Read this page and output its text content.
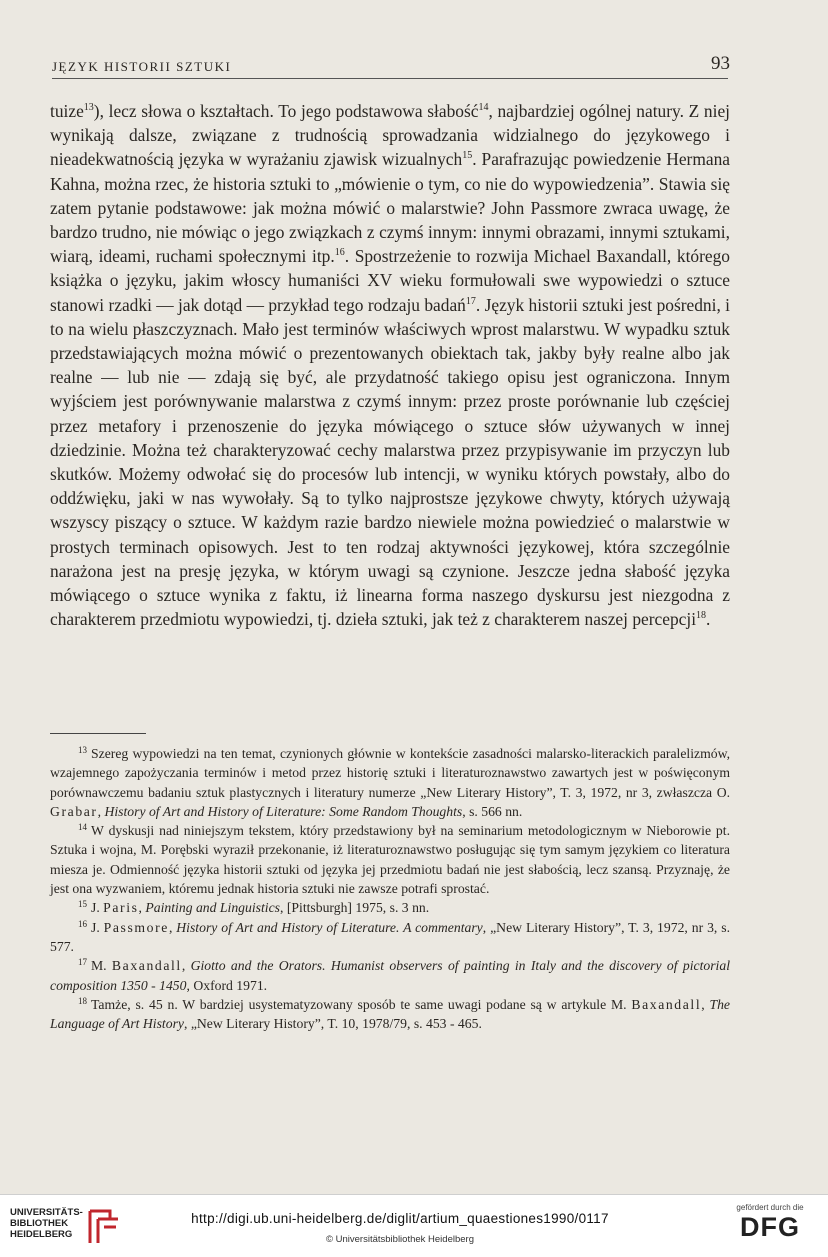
JĘZYK HISTORII SZTUKI	93

tuize$^{13}$), lecz słowa o kształtach. To jego podstawowa słabość$^{14}$, najbardziej ogólnej natury. Z niej wynikają dalsze, związane z trudnością sprowadzania widzialnego do językowego i nieadekwatnością języka w wyrażaniu zjawisk wizualnych$^{15}$. Parafrazując powiedzenie Hermana Kahna, można rzec, że historia sztuki to „mówienie o tym, co nie do wypowiedzenia”. Stawia się zatem pytanie podstawowe: jak można mówić o malarstwie? John Passmore zwraca uwagę, że bardzo trudno, nie mówiąc o jego związkach z czymś innym: innymi obrazami, innymi sztukami, wiarą, ideami, ruchami społecznymi itp.$^{16}$. Spostrzeżenie to rozwija Michael Baxandall, którego książka o języku, jakim włoscy humaniści XV wieku formułowali swe wypowiedzi o sztuce stanowi rzadki — jak dotąd — przykład tego rodzaju badań$^{17}$. Język historii sztuki jest pośredni, i to na wielu płaszczyznach. Mało jest terminów właściwych wprost malarstwu. W wypadku sztuk przedstawiających można mówić o prezentowanych obiektach tak, jakby były realne albo jak realne — lub nie — zdają się być, ale przydatność takiego opisu jest ograniczona. Innym wyjściem jest porównywanie malarstwa z czymś innym: przez proste porównanie lub częściej przez metafory i przenoszenie do języka mówiącego o sztuce słów używanych w innej dziedzinie. Można też charakteryzować cechy malarstwa przez przypisywanie im przyczyn lub skutków. Możemy odwołać się do procesów lub intencji, w wyniku których powstały, albo do oddźwięku, jaki w nas wywołały. Są to tylko najprostsze językowe chwyty, których używają wszyscy piszący o sztuce. W każdym razie bardzo niewiele można powiedzieć o malarstwie w prostych terminach opisowych. Jest to ten rodzaj aktywności językowej, która szczególnie narażona jest na presję języka, w którym uwagi są czynione. Jeszcze jedna słabość języka mówiącego o sztuce wynika z faktu, iż linearna forma naszego dyskursu jest niezgodna z charakterem przedmiotu wypowiedzi, tj. dzieła sztuki, jak też z charakterem naszej percepcji$^{18}$.

$^{13}$ Szereg wypowiedzi na ten temat, czynionych głównie w kontekście zasadności malarsko-literackich paralelizmów, wzajemnego zapożyczania terminów i metod przez historię sztuki i literaturoznawstwo zawartych jest w poświęconym porównawczemu badaniu sztuk plastycznych i literatury numerze „New Literary History”, T. 3, 1972, nr 3, zwłaszcza O. Grabar, History of Art and History of Literature: Some Random Thoughts, s. 566 nn.

$^{14}$ W dyskusji nad niniejszym tekstem, który przedstawiony był na seminarium metodologicznym w Nieborowie pt. Sztuka i wojna, M. Porębski wyraził przekonanie, iż literaturoznawstwo posługując się tym samym językiem co literatura miesza je. Odmienność języka historii sztuki od języka jej przedmiotu badań nie jest słabością, lecz szansą. Przyznaję, że jest ona wyzwaniem, któremu jednak historia sztuki nie zawsze potrafi sprostać.

$^{15}$ J. Paris, Painting and Linguistics, [Pittsburgh] 1975, s. 3 nn.

$^{16}$ J. Passmore, History of Art and History of Literature. A commentary, „New Literary History”, T. 3, 1972, nr 3, s. 577.

$^{17}$ M. Baxandall, Giotto and the Orators. Humanist observers of painting in Italy and the discovery of pictorial composition 1350 - 1450, Oxford 1971.

$^{18}$ Tamże, s. 45 n. W bardziej usystematyzowany sposób te same uwagi podane są w artykule M. Baxandall, The Language of Art History, „New Literary History”, T. 10, 1978/79, s. 453 - 465.

UNIVERSITÄTS-
BIBLIOTHEK
HEIDELBERG
http://digi.ub.uni-heidelberg.de/diglit/artium_quaestiones1990/0117
© Universitätsbibliothek Heidelberg
gefördert durch die
DFG
